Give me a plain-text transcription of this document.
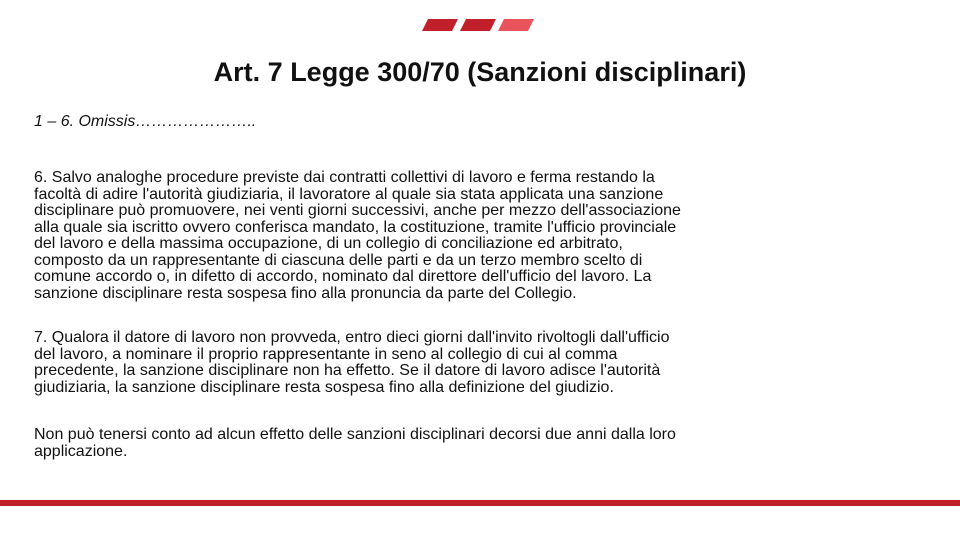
Art. 7 Legge 300/70 (Sanzioni disciplinari)
1 – 6. Omissis…………………..

6. Salvo analoghe procedure previste dai contratti collettivi di lavoro e ferma restando la
facoltà di adire l'autorità giudiziaria, il lavoratore al quale sia stata applicata una sanzione
disciplinare può promuovere, nei venti giorni successivi, anche per mezzo dell'associazione
alla quale sia iscritto ovvero conferisca mandato, la costituzione, tramite l'ufficio provinciale
del lavoro e della massima occupazione, di un collegio di conciliazione ed arbitrato,
composto da un rappresentante di ciascuna delle parti e da un terzo membro scelto di
comune accordo o, in difetto di accordo, nominato dal direttore dell'ufficio del lavoro. La
sanzione disciplinare resta sospesa fino alla pronuncia da parte del Collegio.

7. Qualora il datore di lavoro non provveda, entro dieci giorni dall'invito rivoltogli dall'ufficio
del lavoro, a nominare il proprio rappresentante in seno al collegio di cui al comma
precedente, la sanzione disciplinare non ha effetto. Se il datore di lavoro adisce l'autorità
giudiziaria, la sanzione disciplinare resta sospesa fino alla definizione del giudizio.

Non può tenersi conto ad alcun effetto delle sanzioni disciplinari decorsi due anni dalla loro
applicazione.
